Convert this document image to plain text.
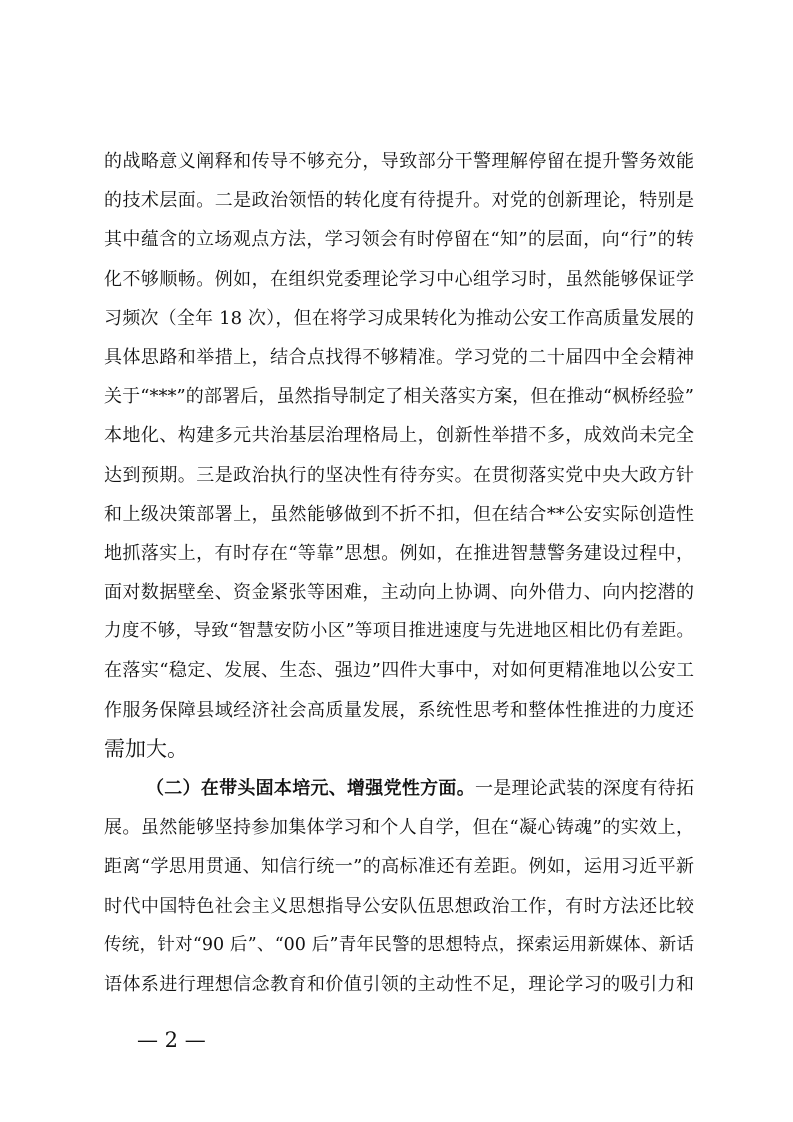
的战略意义阐释和传导不够充分，导致部分干警理解停留在提升警务效能
的技术层面。二是政治领悟的转化度有待提升。对党的创新理论，特别是
其中蕴含的立场观点方法，学习领会有时停留在“知”的层面，向“行”的转
化不够顺畅。例如，在组织党委理论学习中心组学习时，虽然能够保证学
习频次（全年 18 次），但在将学习成果转化为推动公安工作高质量发展的
具体思路和举措上，结合点找得不够精准。学习党的二十届四中全会精神
关于“***”的部署后，虽然指导制定了相关落实方案，但在推动“枫桥经验”
本地化、构建多元共治基层治理格局上，创新性举措不多，成效尚未完全
达到预期。三是政治执行的坚决性有待夯实。在贯彻落实党中央大政方针
和上级决策部署上，虽然能够做到不折不扣，但在结合**公安实际创造性
地抓落实上，有时存在“等靠”思想。例如，在推进智慧警务建设过程中，
面对数据壁垒、资金紧张等困难，主动向上协调、向外借力、向内挖潜的
力度不够，导致“智慧安防小区”等项目推进速度与先进地区相比仍有差距。
在落实“稳定、发展、生态、强边”四件大事中，对如何更精准地以公安工
作服务保障县域经济社会高质量发展，系统性思考和整体性推进的力度还
需加大。
（二）在带头固本培元、增强党性方面。一是理论武装的深度有待拓
展。虽然能够坚持参加集体学习和个人自学，但在“凝心铸魂”的实效上，
距离“学思用贯通、知信行统一”的高标准还有差距。例如，运用习近平新
时代中国特色社会主义思想指导公安队伍思想政治工作，有时方法还比较
传统，针对“90 后”、“00 后”青年民警的思想特点，探索运用新媒体、新话
语体系进行理想信念教育和价值引领的主动性不足，理论学习的吸引力和
— 2 —
